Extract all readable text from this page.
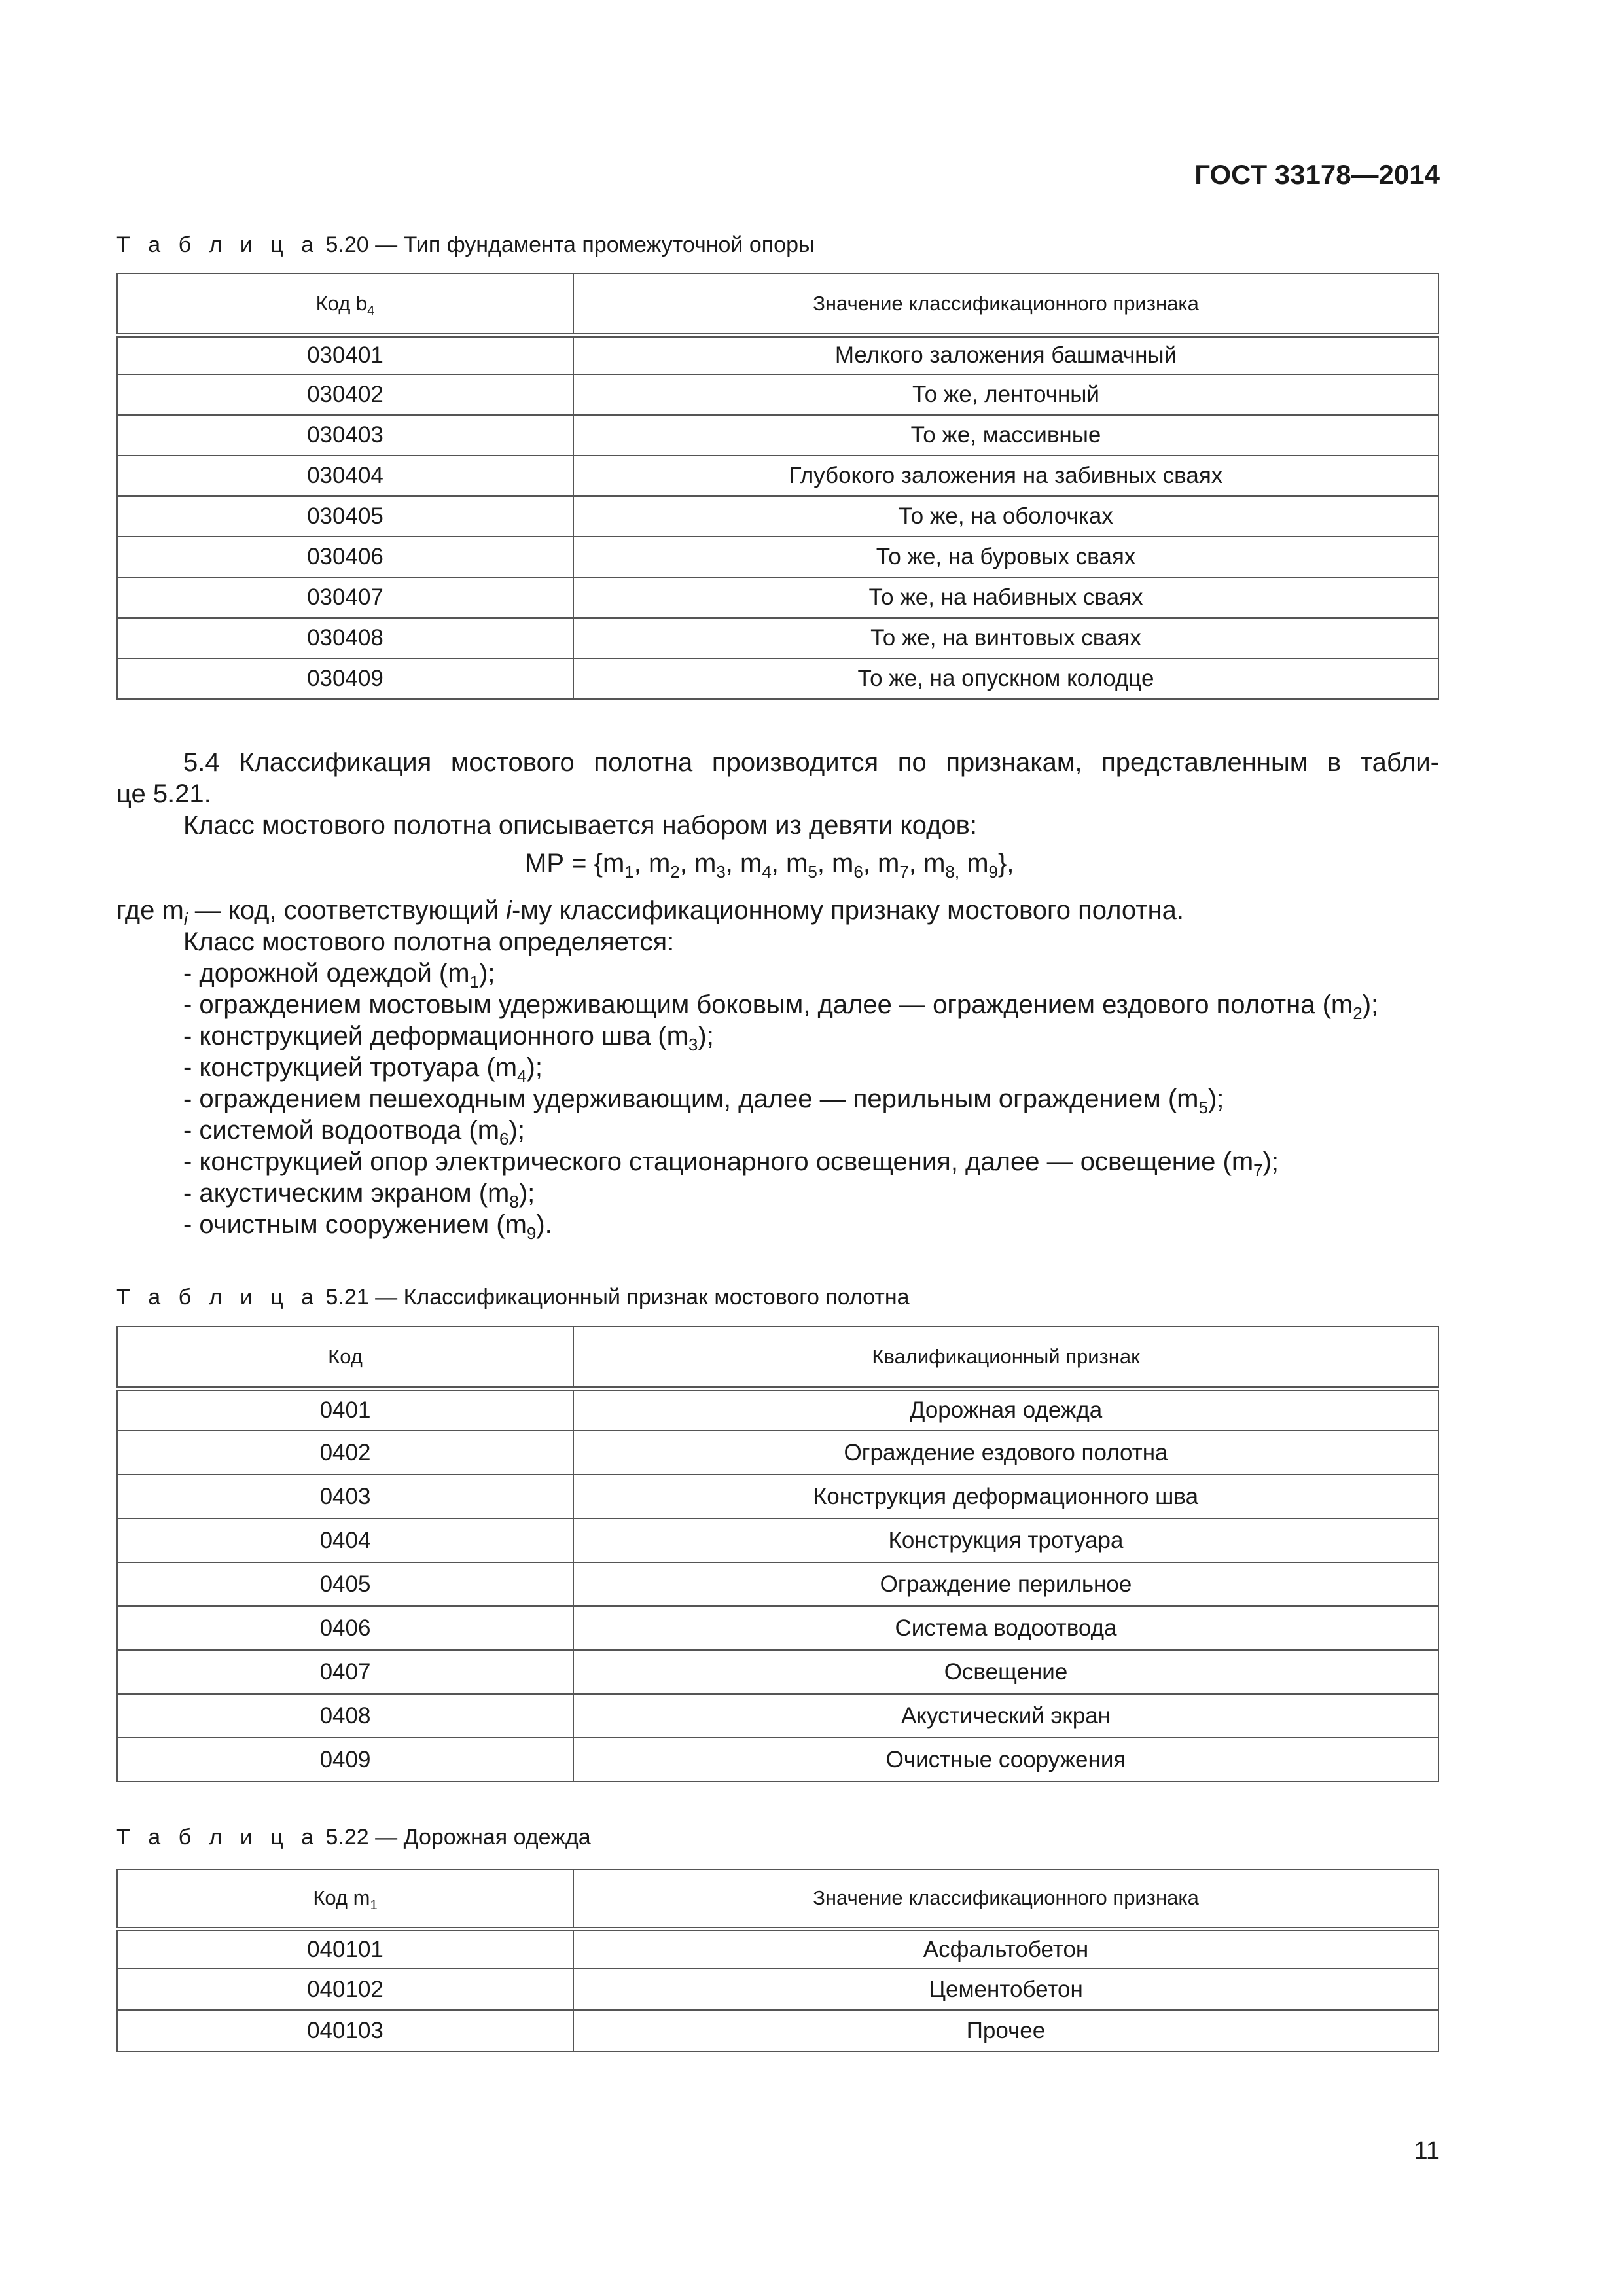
ГОСТ 33178—2014
Т а б л и ц а 5.20 — Тип фундамента промежуточной опоры
Код $b_4$	Значение классификационного признака
030401	Мелкого заложения башмачный
030402	То же, ленточный
030403	То же, массивные
030404	Глубокого заложения на забивных сваях
030405	То же, на оболочках
030406	То же, на буровых сваях
030407	То же, на набивных сваях
030408	То же, на винтовых сваях
030409	То же, на опускном колодце
5.4 Классификация мостового полотна производится по признакам, представленным в табли-
це 5.21.
Класс мостового полотна описывается набором из девяти кодов:
МР = {$m_1$, $m_2$, $m_3$, $m_4$, $m_5$, $m_6$, $m_7$, $m_{8,}$ $m_9$},
где $m_i$ — код, соответствующий i-му классификационному признаку мостового полотна.
Класс мостового полотна определяется:
- дорожной одеждой $(m_1)$;
- ограждением мостовым удерживающим боковым, далее — ограждением ездового полотна $(m_2)$;
- конструкцией деформационного шва $(m_3)$;
- конструкцией тротуара $(m_4)$;
- ограждением пешеходным удерживающим, далее — перильным ограждением $(m_5)$;
- системой водоотвода $(m_6)$;
- конструкцией опор электрического стационарного освещения, далее — освещение $(m_7)$;
- акустическим экраном $(m_8)$;
- очистным сооружением $(m_9)$.
Т а б л и ц а 5.21 — Классификационный признак мостового полотна
Код	Квалификационный признак
0401	Дорожная одежда
0402	Ограждение ездового полотна
0403	Конструкция деформационного шва
0404	Конструкция тротуара
0405	Ограждение перильное
0406	Система водоотвода
0407	Освещение
0408	Акустический экран
0409	Очистные сооружения
Т а б л и ц а 5.22 — Дорожная одежда
Код $m_1$	Значение классификационного признака
040101	Асфальтобетон
040102	Цементобетон
040103	Прочее
11
